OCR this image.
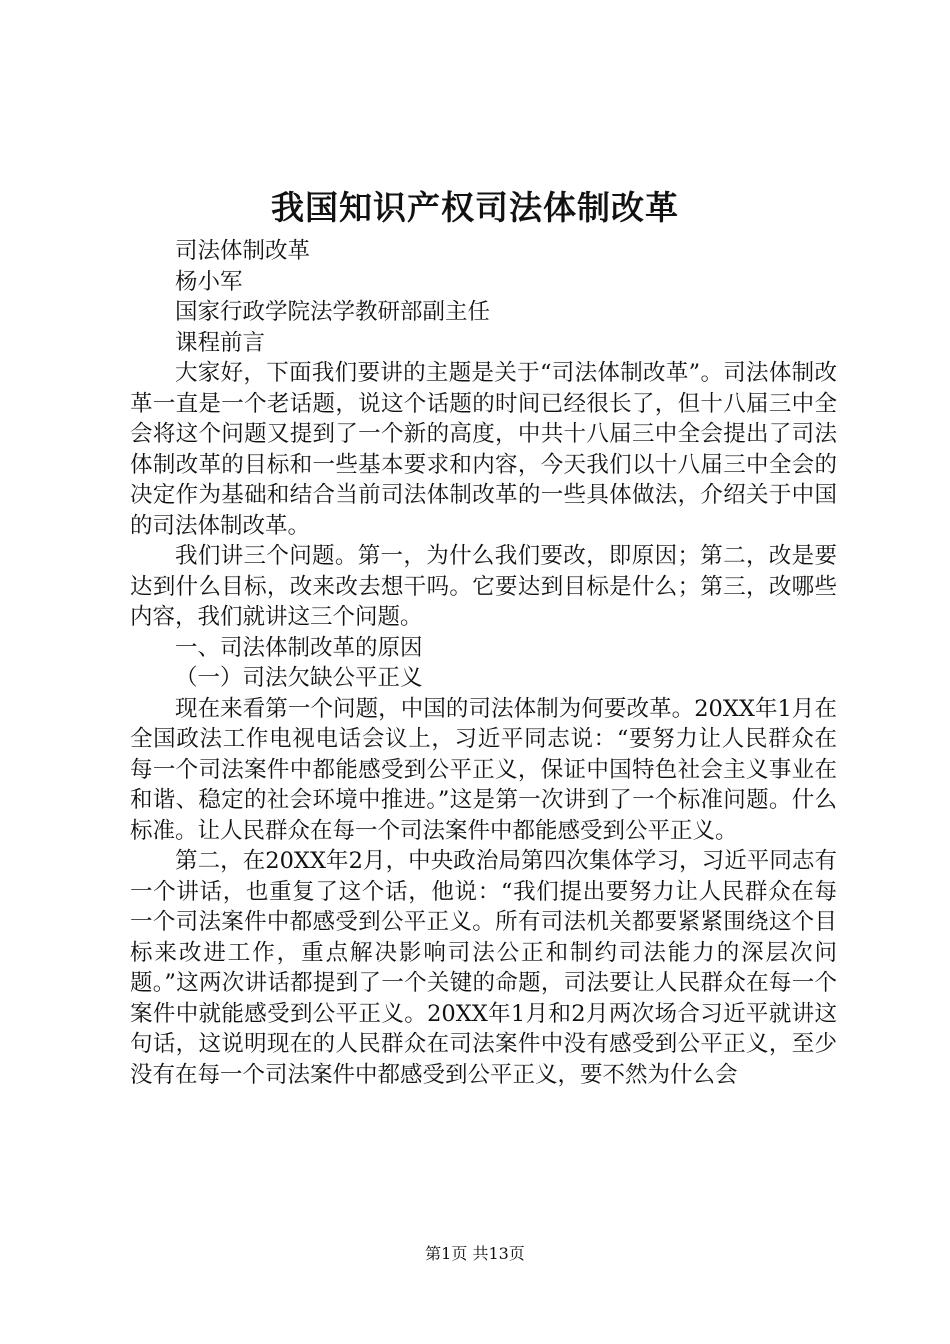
我国知识产权司法体制改革

司法体制改革

杨小军

国家行政学院法学教研部副主任

课程前言

大家好，下面我们要讲的主题是关于“司法体制改革”。司法体制改革一直是一个老话题，说这个话题的时间已经很长了，但十八届三中全会将这个问题又提到了一个新的高度，中共十八届三中全会提出了司法体制改革的目标和一些基本要求和内容，今天我们以十八届三中全会的决定作为基础和结合当前司法体制改革的一些具体做法，介绍关于中国的司法体制改革。

我们讲三个问题。第一，为什么我们要改，即原因；第二，改是要达到什么目标，改来改去想干吗。它要达到目标是什么；第三，改哪些内容，我们就讲这三个问题。

一、司法体制改革的原因

（一）司法欠缺公平正义

现在来看第一个问题，中国的司法体制为何要改革。20XX年1月在全国政法工作电视电话会议上，习近平同志说：“要努力让人民群众在每一个司法案件中都能感受到公平正义，保证中国特色社会主义事业在和谐、稳定的社会环境中推进。”这是第一次讲到了一个标准问题。什么标准。让人民群众在每一个司法案件中都能感受到公平正义。

第二，在20XX年2月，中央政治局第四次集体学习，习近平同志有一个讲话，也重复了这个话，他说：“我们提出要努力让人民群众在每一个司法案件中都感受到公平正义。所有司法机关都要紧紧围绕这个目标来改进工作，重点解决影响司法公正和制约司法能力的深层次问题。”这两次讲话都提到了一个关键的命题，司法要让人民群众在每一个案件中就能感受到公平正义。20XX年1月和2月两次场合习近平就讲这句话，这说明现在的人民群众在司法案件中没有感受到公平正义，至少没有在每一个司法案件中都感受到公平正义，要不然为什么会

第1页 共13页
